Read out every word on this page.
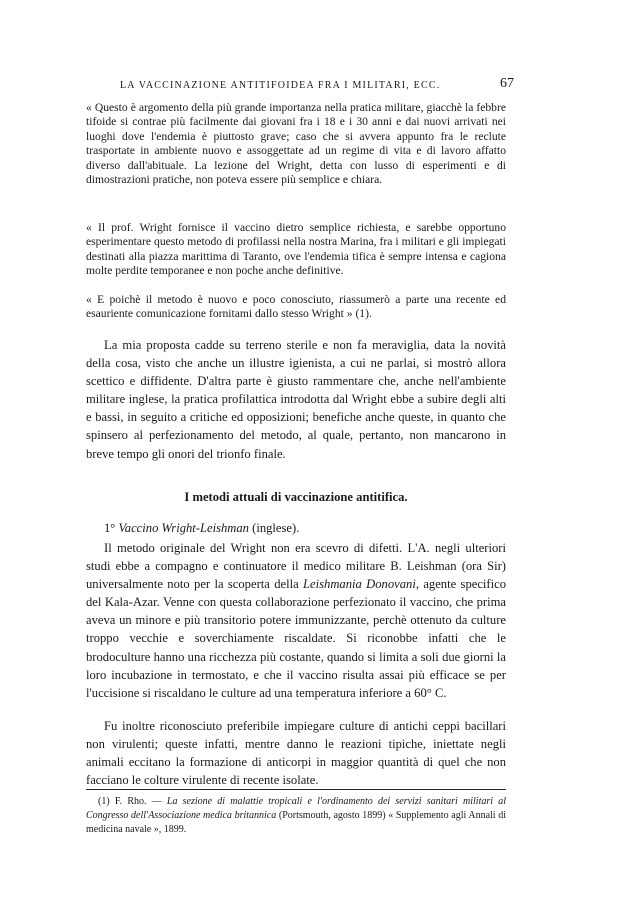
LA VACCINAZIONE ANTITIFOIDEA FRA I MILITARI, ECC.	67

« Questo è argomento della più grande importanza nella pratica militare, giacchè la febbre tifoide si contrae più facilmente dai giovani fra i 18 e i 30 anni e dai nuovi arrivati nei luoghi dove l'endemia è piuttosto grave; caso che si avvera appunto fra le reclute trasportate in ambiente nuovo e assoggettate ad un regime di vita e di lavoro affatto diverso dall'abituale. La lezione del Wright, detta con lusso di esperimenti e di dimostrazioni pratiche, non poteva essere più semplice e chiara.

« Il prof. Wright fornisce il vaccino dietro semplice richiesta, e sarebbe opportuno esperimentare questo metodo di profilassi nella nostra Marina, fra i militari e gli impiegati destinati alla piazza marittima di Taranto, ove l'endemia tifica è sempre intensa e cagiona molte perdite temporanee e non poche anche definitive.

« E poichè il metodo è nuovo e poco conosciuto, riassumerò a parte una recente ed esauriente comunicazione fornitami dallo stesso Wright » (1).

La mia proposta cadde su terreno sterile e non fa meraviglia, data la novità della cosa, visto che anche un illustre igienista, a cui ne parlai, si mostrò allora scettico e diffidente. D'altra parte è giusto rammentare che, anche nell'ambiente militare inglese, la pratica profilattica introdotta dal Wright ebbe a subire degli alti e bassi, in seguito a critiche ed opposizioni; benefiche anche queste, in quanto che spinsero al perfezionamento del metodo, al quale, pertanto, non mancarono in breve tempo gli onori del trionfo finale.

I metodi attuali di vaccinazione antitifica.
1° Vaccino Wright-Leishman (inglese).

Il metodo originale del Wright non era scevro di difetti. L'A. negli ulteriori studi ebbe a compagno e continuatore il medico militare B. Leishman (ora Sir) universalmente noto per la scoperta della Leishmania Donovani, agente specifico del Kala-Azar. Venne con questa collaborazione perfezionato il vaccino, che prima aveva un minore e più transitorio potere immunizzante, perchè ottenuto da culture troppo vecchie e soverchiamente riscaldate. Si riconobbe infatti che le brodoculture hanno una ricchezza più costante, quando si limita a soli due giorni la loro incubazione in termostato, e che il vaccino risulta assai più efficace se per l'uccisione si riscaldano le culture ad una temperatura inferiore a 60° C.

Fu inoltre riconosciuto preferibile impiegare culture di antichi ceppi bacillari non virulenti; queste infatti, mentre danno le reazioni tipiche, iniettate negli animali eccitano la formazione di anticorpi in maggior quantità di quel che non facciano le colture virulente di recente isolate.

(1) F. Rho. — La sezione di malattie tropicali e l'ordinamento dei servizi sanitari militari al Congresso dell'Associazione medica britannica (Portsmouth, agosto 1899) « Supplemento agli Annali di medicina navale », 1899.
